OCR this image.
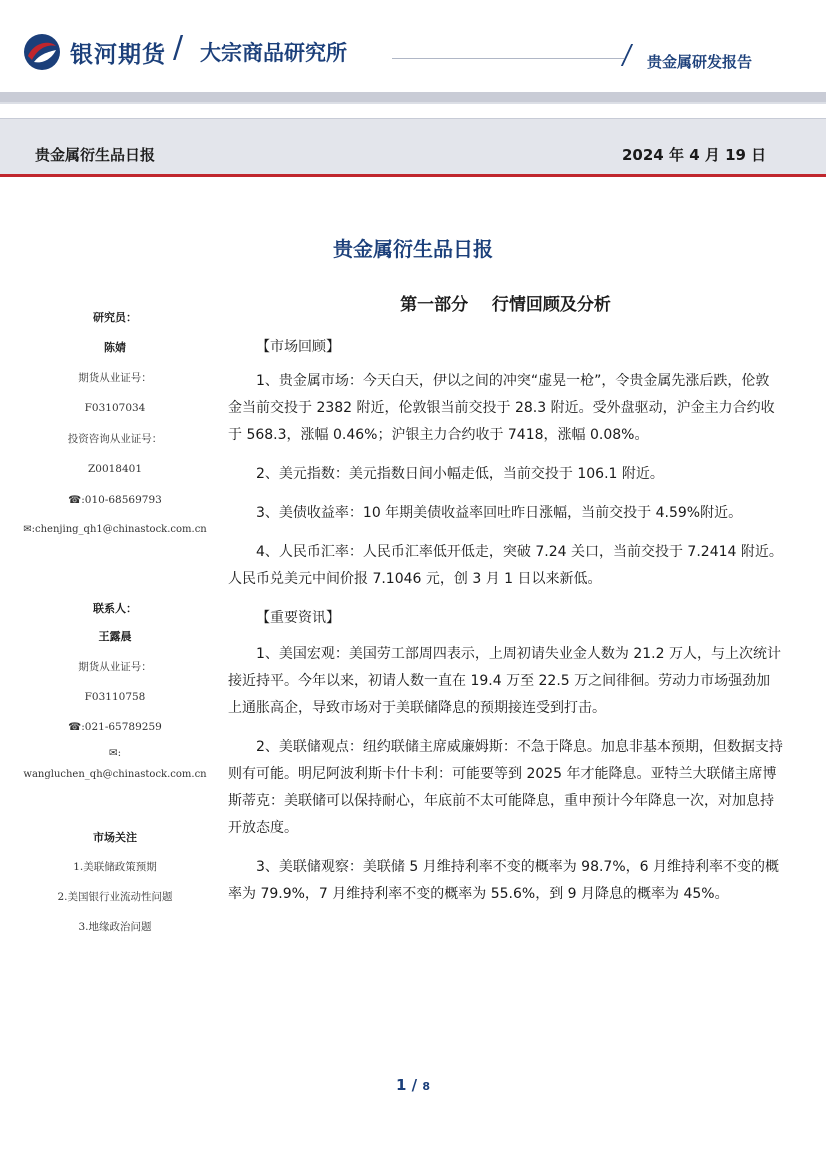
银河期货 / 大宗商品研究所	贵金属研发报告
贵金属衍生品日报	2024 年 4 月 19 日
贵金属衍生品日报
研究员：
陈婧
期货从业证号：
F03107034
投资咨询从业证号：
Z0018401
☎:010-68569793
✉:chenjing_qh1@chinastock.com.cn
联系人：
王露晨
期货从业证号：
F03110758
☎:021-65789259
✉:
wangluchen_qh@chinastock.com.cn
市场关注
1.美联储政策预期
2.美国银行业流动性问题
3.地缘政治问题
第一部分    行情回顾及分析
【市场回顾】

1、贵金属市场：今天白天，伊以之间的冲突“虚晃一枪”，令贵金属先涨后跌，伦敦金当前交投于 2382 附近，伦敦银当前交投于 28.3 附近。受外盘驱动，沪金主力合约收于 568.3，涨幅 0.46%；沪银主力合约收于 7418，涨幅 0.08%。

2、美元指数：美元指数日间小幅走低，当前交投于 106.1 附近。

3、美债收益率：10 年期美债收益率回吐昨日涨幅，当前交投于 4.59%附近。

4、人民币汇率：人民币汇率低开低走，突破 7.24 关口，当前交投于 7.2414 附近。人民币兑美元中间价报 7.1046 元，创 3 月 1 日以来新低。

【重要资讯】

1、美国宏观：美国劳工部周四表示，上周初请失业金人数为 21.2 万人，与上次统计接近持平。今年以来，初请人数一直在 19.4 万至 22.5 万之间徘徊。劳动力市场强劲加上通胀高企，导致市场对于美联储降息的预期接连受到打击。

2、美联储观点：纽约联储主席威廉姆斯：不急于降息。加息非基本预期，但数据支持则有可能。明尼阿波利斯卡什卡利：可能要等到 2025 年才能降息。亚特兰大联储主席博斯蒂克：美联储可以保持耐心，年底前不太可能降息，重申预计今年降息一次，对加息持开放态度。

3、美联储观察：美联储 5 月维持利率不变的概率为 98.7%，6 月维持利率不变的概率为 79.9%，7 月维持利率不变的概率为 55.6%，到 9 月降息的概率为 45%。

1 / 8
